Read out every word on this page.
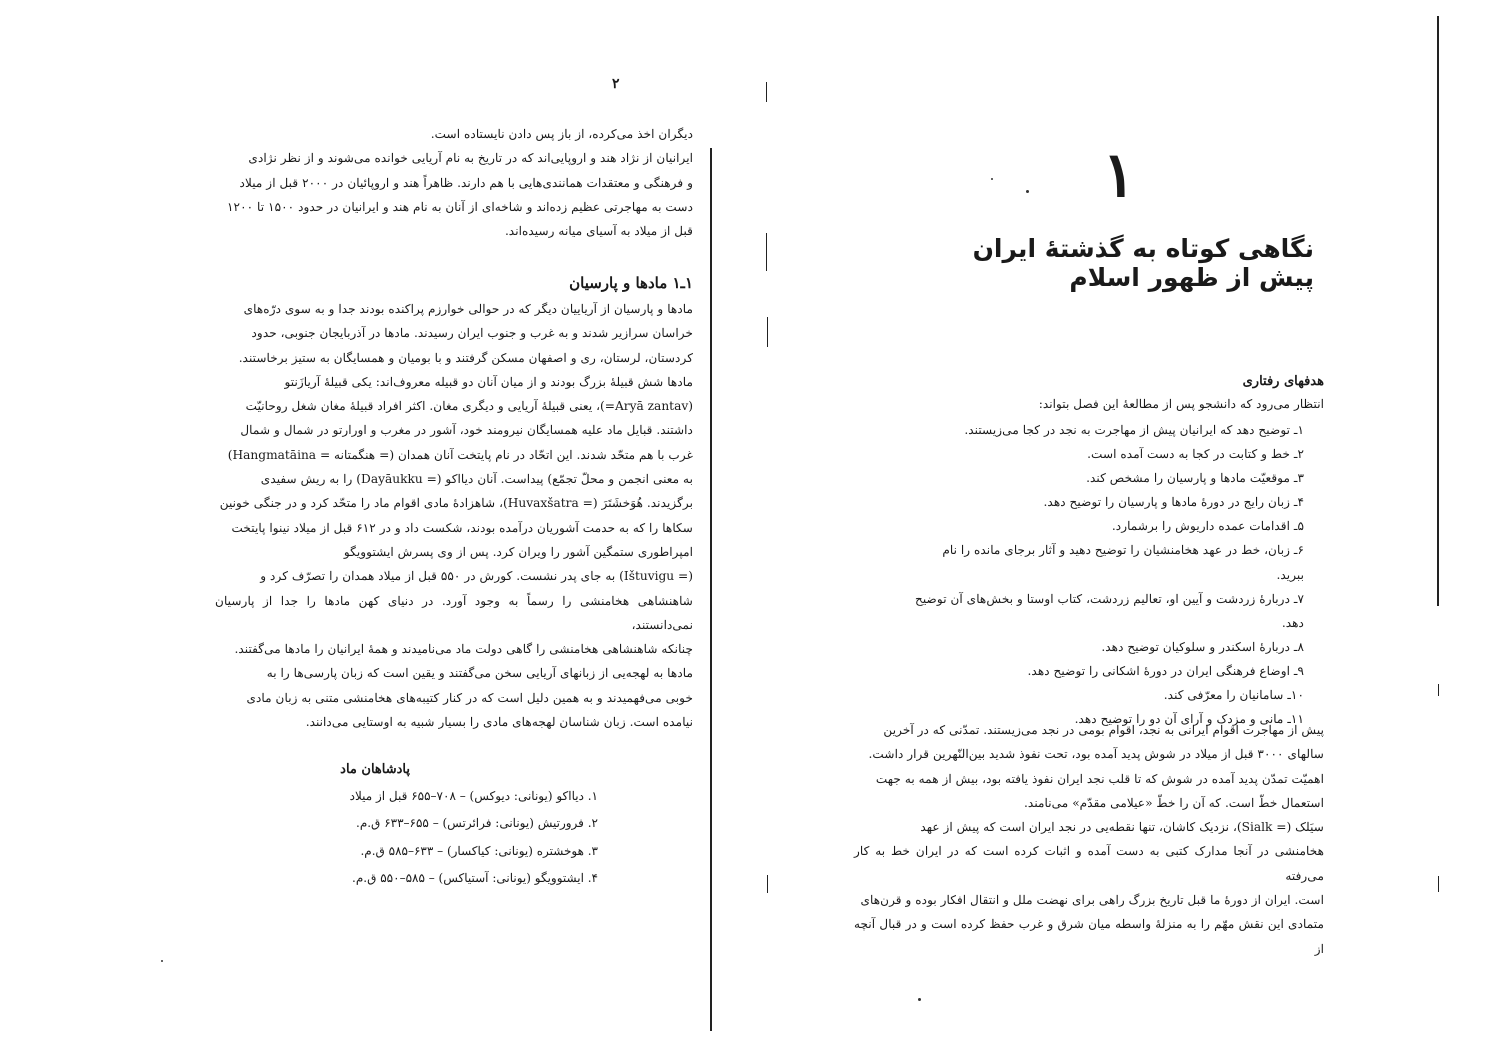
۲

دیگران اخذ می‌کرده، از باز پس دادن نایستاده است.
ایرانیان از نژاد هند و اروپایی‌اند که در تاریخ به نام آریایی خوانده می‌شوند و از نظر نژادی
و فرهنگی و معتقدات همانندی‌هایی با هم دارند. ظاهراً هند و اروپائیان در ۲۰۰۰ قبل از میلاد
دست به مهاجرتی عظیم زده‌اند و شاخه‌ای از آنان به نام هند و ایرانیان در حدود ۱۵۰۰ تا ۱۲۰۰
قبل از میلاد به آسیای میانه رسیده‌اند.

۱ـ۱ مادها و پارسیان

مادها و پارسیان از آریاییان دیگر که در حوالی خوارزم پراکنده بودند جدا و به سوی درّه‌های
خراسان سرازیر شدند و به غرب و جنوب ایران رسیدند. مادها در آذربایجان جنوبی، حدود
کردستان، لرستان، ری و اصفهان مسکن گرفتند و با بومیان و همسایگان به ستیز برخاستند.
مادها شش قبیلهٔ بزرگ بودند و از میان آنان دو قبیله معروف‌اند: یکی قبیلهٔ آریازَنتو
(Aryā zantav=)، یعنی قبیلهٔ آریایی و دیگری مغان. اکثر افراد قبیلهٔ مغان شغل روحانیّت
داشتند. قبایل ماد علیه همسایگان نیرومند خود، آشور در مغرب و اورارتو در شمال و شمال
غرب با هم متحّد شدند. این اتحّاد در نام پایتخت آنان همدان (= هنگمتانه = Hangmatāina)
به معنی انجمن و محلّ تجمّع) پیداست. آنان دیااکو (= Dayāukku) را به ریش سفیدی
برگزیدند. هُوَخشَتَرَ (= Huvaxšatra)، شاهزادهٔ مادی اقوام ماد را متحّد کرد و در جنگی خونین
سکاها را که به حدمت آشوریان درآمده بودند، شکست داد و در ۶۱۲ قبل از میلاد نینوا پایتخت
امپراطوری ستمگین آشور را ویران کرد. پس از وی پسرش ایشتوویگو
(= Ištuvigu) به جای پدر نشست. کورش در ۵۵۰ قبل از میلاد همدان را تصرّف کرد و
شاهنشاهی هخامنشی را رسماً به وجود آورد. در دنیای کهن مادها را جدا از پارسیان نمی‌دانستند،
چنانکه شاهنشاهی هخامنشی را گاهی دولت ماد می‌نامیدند و همهٔ ایرانیان را مادها می‌گفتند.
مادها به لهجه‌یی از زبانهای آریایی سخن می‌گفتند و یقین است که زبان پارسی‌ها را به
خوبی می‌فهمیدند و به همین دلیل است که در کنار کتیبه‌های هخامنشی متنی به زبان مادی
نیامده است. زبان شناسان لهجه‌های مادی را بسیار شبیه به اوستایی می‌دانند.

پادشاهان ماد
۱. دیااکو (یونانی: دیوکس) – ۷۰۸–۶۵۵ قبل از میلاد
۲. فرورتیش (یونانی: فرائرتس) – ۶۵۵–۶۳۳ ق.م.
۳. هوخشتره (یونانی: کیاکسار) – ۶۳۳–۵۸۵ ق.م.
۴. ایشتوویگو (یونانی: آستیاکس) – ۵۸۵–۵۵۰ ق.م.
۱
نگاهی کوتاه به گذشتهٔ ایران پیش از ظهور اسلام
هدفهای رفتاری
انتظار می‌رود که دانشجو پس از مطالعهٔ این فصل بتواند:
۱ـ توضیح دهد که ایرانیان پیش از مهاجرت به نجد در کجا می‌زیستند.
۲ـ خط و کتابت در کجا به دست آمده است.
۳ـ موقعیّت مادها و پارسیان را مشخص کند.
۴ـ زبان رایج در دورهٔ مادها و پارسیان را توضیح دهد.
۵ـ اقدامات عمده داریوش را برشمارد.
۶ـ زبان، خط در عهد هخامنشیان را توضیح دهید و آثار برجای مانده را نام ببرید.
۷ـ دربارهٔ زردشت و آیین او، تعالیم زردشت، کتاب اوستا و بخش‌های آن توضیح دهد.
۸ـ دربارهٔ اسکندر و سلوکیان توضیح دهد.
۹ـ اوضاع فرهنگی ایران در دورهٔ اشکانی را توضیح دهد.
۱۰ـ سامانیان را معرّفی کند.
۱۱ـ مانی و مزدک و آرای آن دو را توضیح دهد.

پیش از مهاجرت اقوام ایرانی به نجد، اقوام بومی در نجد می‌زیستند. تمدّنی که در آخرین
سالهای ۳۰۰۰ قبل از میلاد در شوش پدید آمده بود، تحت نفوذ شدید بین‌النّهرین قرار داشت.
اهمیّت تمدّن پدید آمده در شوش که تا قلب نجد ایران نفوذ یافته بود، بیش از همه به جهت
استعمال خطّ است. که آن را خطّ «عیلامی مقدّم» می‌نامند.
سیَلک (= Sialk)، نزدیک کاشان، تنها نقطه‌یی در نجد ایران است که پیش از عهد
هخامنشی در آنجا مدارک کتبی به دست آمده و اثبات کرده است که در ایران خط به کار می‌رفته
است. ایران از دورهٔ ما قبل تاریخ بزرگ راهی برای نهضت ملل و انتقال افکار بوده و قرن‌های
متمادی این نقش مهّم را به منزلهٔ واسطه میان شرق و غرب حفظ کرده است و در قبال آنچه از
